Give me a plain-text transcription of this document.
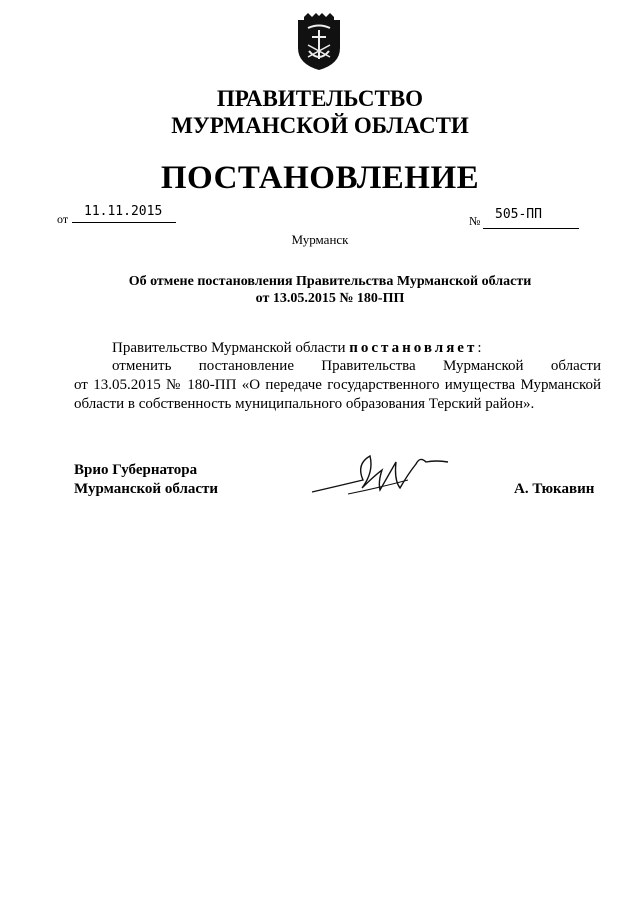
ПРАВИТЕЛЬСТВО
МУРМАНСКОЙ ОБЛАСТИ
ПОСТАНОВЛЕНИЕ
от 11.11.2015
№ 505-ПП
Мурманск
Об отмене постановления Правительства Мурманской области
от 13.05.2015 № 180-ПП
Правительство Мурманской области постановляет:
отменить постановление Правительства Мурманской области
от 13.05.2015 № 180-ПП «О передаче государственного имущества Мурманской
области в собственность муниципального образования Терский район».
Врио Губернатора
Мурманской области	А. Тюкавин
